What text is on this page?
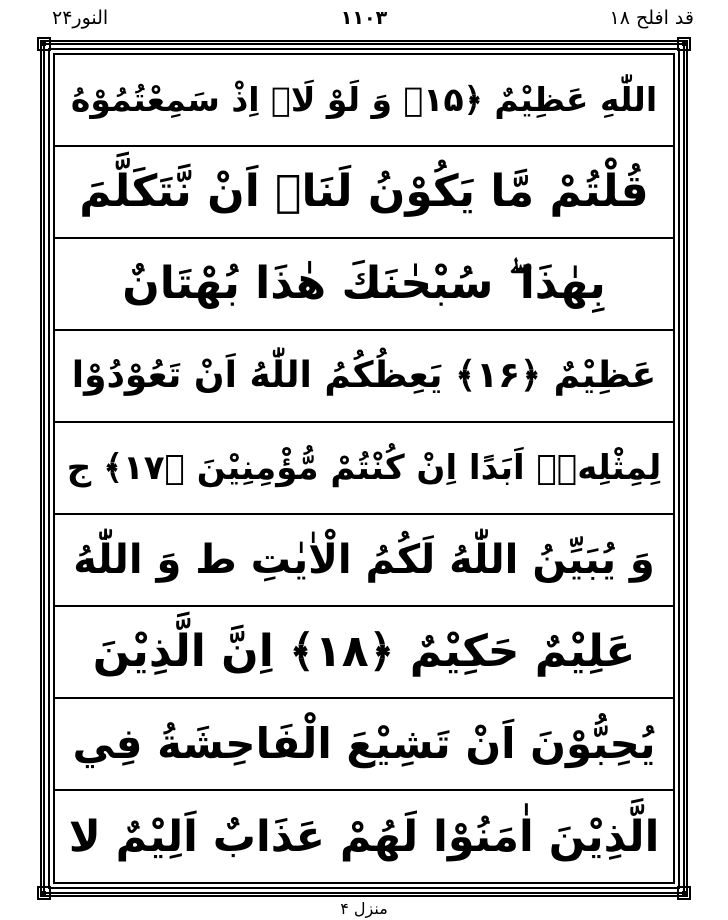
النور۲۴	۱۱۰۳	قد افلح ۱۸
اللّٰهِ عَظِيْمٌ ﴿۱۵﴾ وَ لَوْ لَاۤ اِذْ سَمِعْتُمُوْهُ
قُلْتُمْ مَّا يَكُوْنُ لَنَاۤ اَنْ نَّتَكَلَّمَ
بِهٰذَا ۖ سُبْحٰنَكَ هٰذَا بُهْتَانٌ
عَظِيْمٌ ﴿۱۶﴾ يَعِظُكُمُ اللّٰهُ اَنْ تَعُوْدُوْا
لِمِثْلِهٖۤ اَبَدًا اِنْ كُنْتُمْ مُّؤْمِنِيْنَ ﴿۱۷﴾ ج
وَ يُبَيِّنُ اللّٰهُ لَكُمُ الْاٰيٰتِ ط وَ اللّٰهُ
عَلِيْمٌ حَكِيْمٌ ﴿۱۸﴾ اِنَّ الَّذِيْنَ
يُحِبُّوْنَ اَنْ تَشِيْعَ الْفَاحِشَةُ فِي
الَّذِيْنَ اٰمَنُوْا لَهُمْ عَذَابٌ اَلِيْمٌ لا
منزل ۴
